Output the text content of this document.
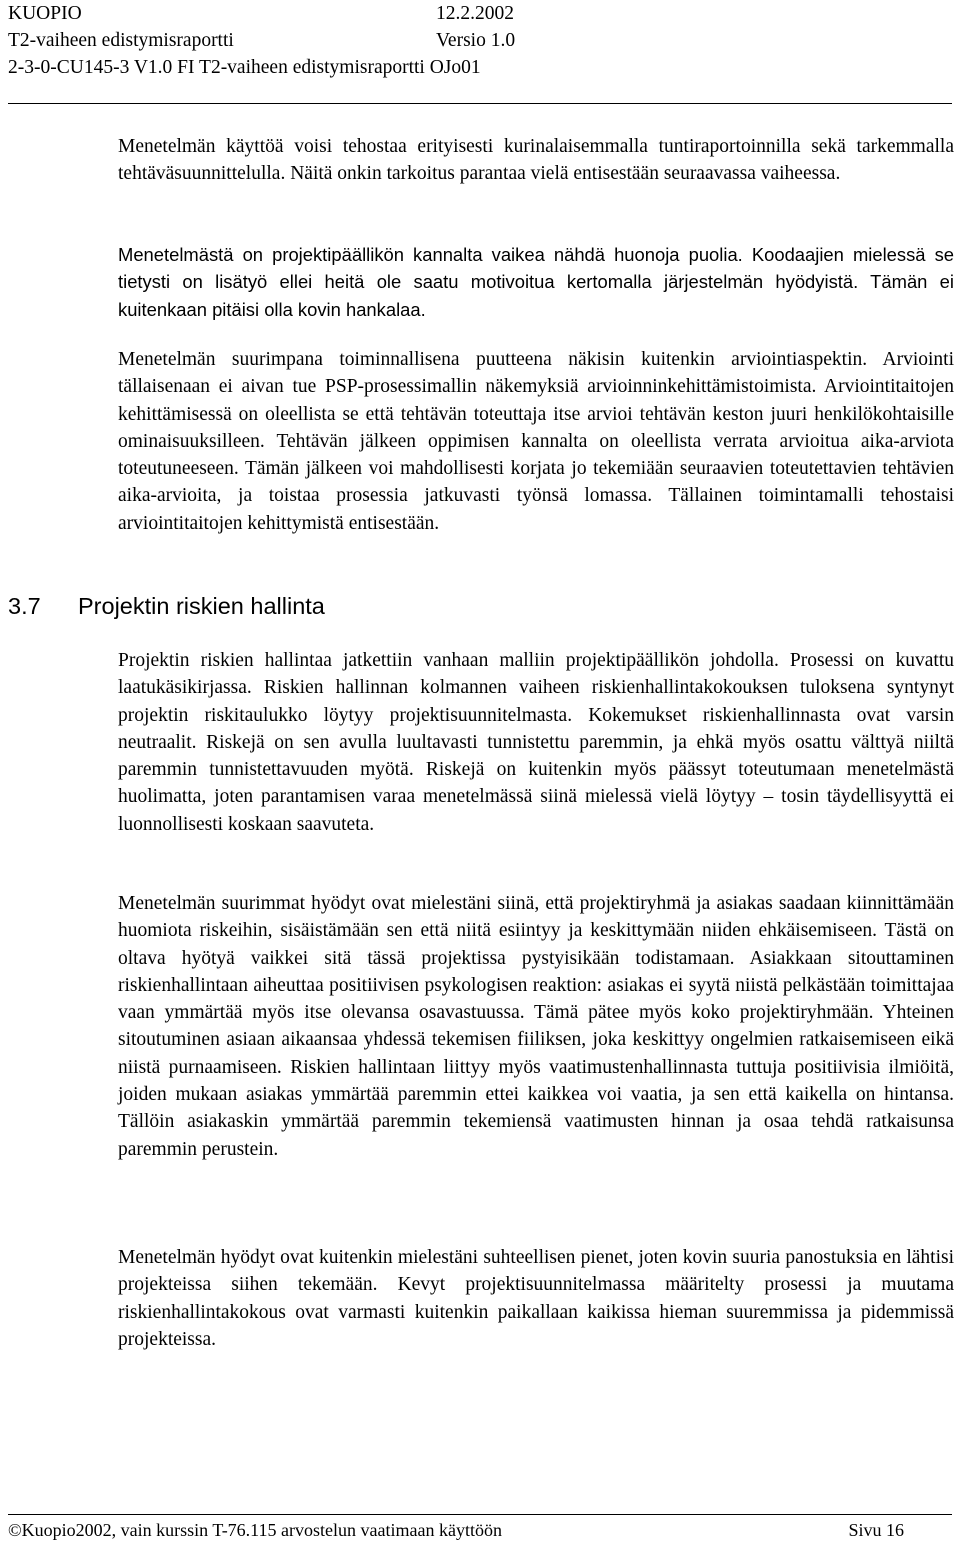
KUOPIO	12.2.2002
T2-vaiheen edistymisraportti	Versio 1.0
2-3-0-CU145-3 V1.0 FI T2-vaiheen edistymisraportti OJo01

Menetelmän käyttöä voisi tehostaa erityisesti kurinalaisemmalla tuntiraportoinnilla sekä tarkemmalla tehtäväsuunnittelulla. Näitä onkin tarkoitus parantaa vielä entisestään seuraavassa vaiheessa.

Menetelmästä on projektipäällikön kannalta vaikea nähdä huonoja puolia. Koodaajien mielessä se tietysti on lisätyö ellei heitä ole saatu motivoitua kertomalla järjestelmän hyödyistä. Tämän ei kuitenkaan pitäisi olla kovin hankalaa.

Menetelmän suurimpana toiminnallisena puutteena näkisin kuitenkin arviointiaspektin. Arviointi tällaisenaan ei aivan tue PSP-prosessimallin näkemyksiä arvioinninkehittämistoimista. Arviointitaitojen kehittämisessä on oleellista se että tehtävän toteuttaja itse arvioi tehtävän keston juuri henkilökohtaisille ominaisuuksilleen. Tehtävän jälkeen oppimisen kannalta on oleellista verrata arvioitua aika-arviota toteutuneeseen. Tämän jälkeen voi mahdollisesti korjata jo tekemiään seuraavien toteutettavien tehtävien aika-arvioita, ja toistaa prosessia jatkuvasti työnsä lomassa. Tällainen toimintamalli tehostaisi arviointitaitojen kehittymistä entisestään.

3.7 Projektin riskien hallinta

Projektin riskien hallintaa jatkettiin vanhaan malliin projektipäällikön johdolla. Prosessi on kuvattu laatukäsikirjassa. Riskien hallinnan kolmannen vaiheen riskienhallintakokouksen tuloksena syntynyt projektin riskitaulukko löytyy projektisuunnitelmasta. Kokemukset riskienhallinnasta ovat varsin neutraalit. Riskejä on sen avulla luultavasti tunnistettu paremmin, ja ehkä myös osattu välttyä niiltä paremmin tunnistettavuuden myötä. Riskejä on kuitenkin myös päässyt toteutumaan menetelmästä huolimatta, joten parantamisen varaa menetelmässä siinä mielessä vielä löytyy – tosin täydellisyyttä ei luonnollisesti koskaan saavuteta.

Menetelmän suurimmat hyödyt ovat mielestäni siinä, että projektiryhmä ja asiakas saadaan kiinnittämään huomiota riskeihin, sisäistämään sen että niitä esiintyy ja keskittymään niiden ehkäisemiseen. Tästä on oltava hyötyä vaikkei sitä tässä projektissa pystyisikään todistamaan. Asiakkaan sitouttaminen riskienhallintaan aiheuttaa positiivisen psykologisen reaktion: asiakas ei syytä niistä pelkästään toimittajaa vaan ymmärtää myös itse olevansa osavastuussa. Tämä pätee myös koko projektiryhmään. Yhteinen sitoutuminen asiaan aikaansaa yhdessä tekemisen fiiliksen, joka keskittyy ongelmien ratkaisemiseen eikä niistä purnaamiseen. Riskien hallintaan liittyy myös vaatimustenhallinnasta tuttuja positiivisia ilmiöitä, joiden mukaan asiakas ymmärtää paremmin ettei kaikkea voi vaatia, ja sen että kaikella on hintansa. Tällöin asiakaskin ymmärtää paremmin tekemiensä vaatimusten hinnan ja osaa tehdä ratkaisunsa paremmin perustein.

Menetelmän hyödyt ovat kuitenkin mielestäni suhteellisen pienet, joten kovin suuria panostuksia en lähtisi projekteissa siihen tekemään. Kevyt projektisuunnitelmassa määritelty prosessi ja muutama riskienhallintakokous ovat varmasti kuitenkin paikallaan kaikissa hieman suuremmissa ja pidemmissä projekteissa.

©Kuopio2002, vain kurssin T-76.115 arvostelun vaatimaan käyttöön	Sivu 16
